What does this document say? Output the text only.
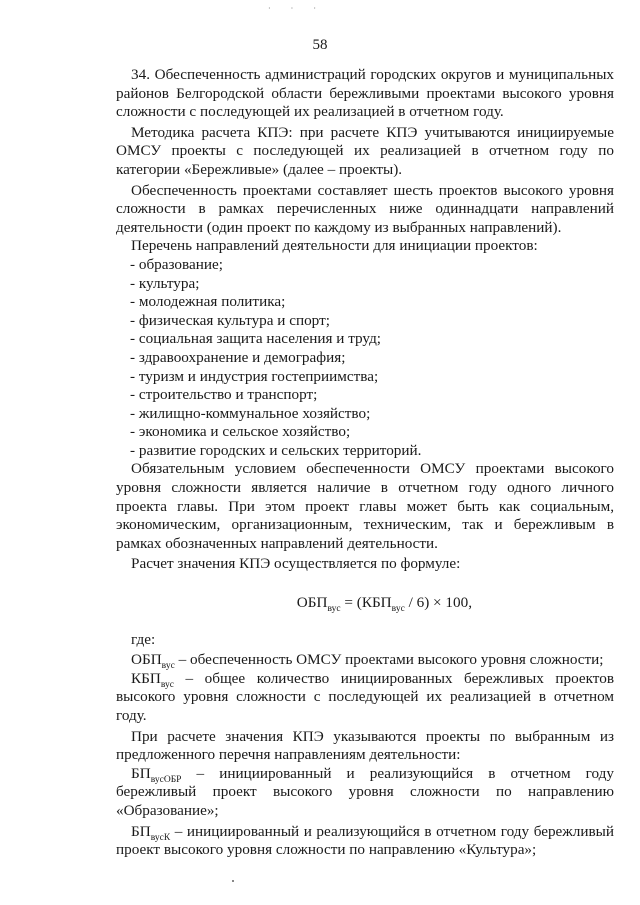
· · ·
58

34. Обеспеченность администраций городских округов и муниципальных районов Белгородской области бережливыми проектами высокого уровня сложности с последующей их реализацией в отчетном году.

Методика расчета КПЭ: при расчете КПЭ учитываются инициируемые ОМСУ проекты с последующей их реализацией в отчетном году по категории «Бережливые» (далее – проекты).

Обеспеченность проектами составляет шесть проектов высокого уровня сложности в рамках перечисленных ниже одиннадцати направлений деятельности (один проект по каждому из выбранных направлений).

Перечень направлений деятельности для инициации проектов:

- образование;
- культура;
- молодежная политика;
- физическая культура и спорт;
- социальная защита населения и труд;
- здравоохранение и демография;
- туризм и индустрия гостеприимства;
- строительство и транспорт;
- жилищно-коммунальное хозяйство;
- экономика и сельское хозяйство;
- развитие городских и сельских территорий.

Обязательным условием обеспеченности ОМСУ проектами высокого уровня сложности является наличие в отчетном году одного личного проекта главы. При этом проект главы может быть как социальным, экономическим, организационным, техническим, так и бережливым в рамках обозначенных направлений деятельности.

Расчет значения КПЭ осуществляется по формуле:

$ОБП_{вус} = (КБП_{вус} / 6) \times 100$,
где:

$ОБП_{вус}$ – обеспеченность ОМСУ проектами высокого уровня сложности;

$КБП_{вус}$ – общее количество инициированных бережливых проектов высокого уровня сложности с последующей их реализацией в отчетном году.

При расчете значения КПЭ указываются проекты по выбранным из предложенного перечня направлениям деятельности:

$БП_{вусОБР}$ – инициированный и реализующийся в отчетном году бережливый проект высокого уровня сложности по направлению «Образование»;

$БП_{вусК}$ – инициированный и реализующийся в отчетном году бережливый проект высокого уровня сложности по направлению «Культура»;
